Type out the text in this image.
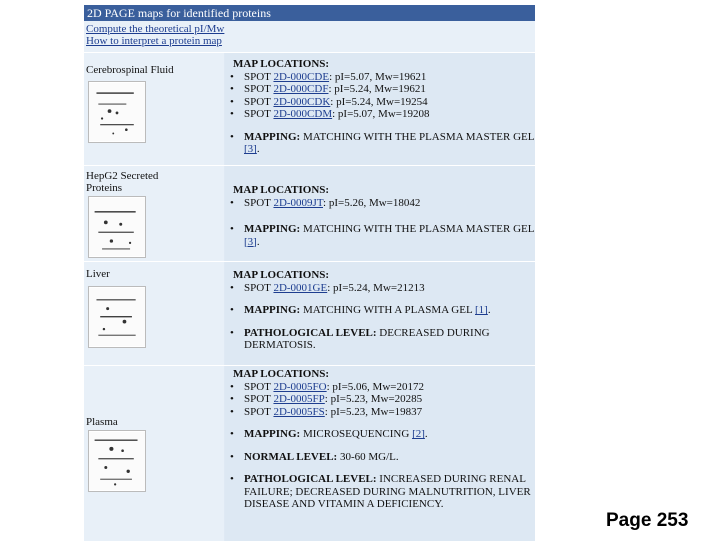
2D PAGE maps for identified proteins
Compute the theoretical pI/Mw
How to interpret a protein map
Cerebrospinal Fluid	MAP LOCATIONS:
• SPOT 2D-000CDE: pI=5.07, Mw=19621
• SPOT 2D-000CDF: pI=5.24, Mw=19621
• SPOT 2D-000CDK: pI=5.24, Mw=19254
• SPOT 2D-000CDM: pI=5.07, Mw=19208
• MAPPING: MATCHING WITH THE PLASMA MASTER GEL [3].
HepG2 Secreted Proteins	MAP LOCATIONS:
• SPOT 2D-0009JT: pI=5.26, Mw=18042
• MAPPING: MATCHING WITH THE PLASMA MASTER GEL [3].
Liver	MAP LOCATIONS:
• SPOT 2D-0001GE: pI=5.24, Mw=21213
• MAPPING: MATCHING WITH A PLASMA GEL [1].
• PATHOLOGICAL LEVEL: DECREASED DURING DERMATOSIS.
Plasma
MAP LOCATIONS:
• SPOT 2D-0005FO: pI=5.06, Mw=20172
• SPOT 2D-0005FP: pI=5.23, Mw=20285
• SPOT 2D-0005FS: pI=5.23, Mw=19837
• MAPPING: MICROSEQUENCING [2].
• NORMAL LEVEL: 30-60 MG/L.
• PATHOLOGICAL LEVEL: INCREASED DURING RENAL FAILURE; DECREASED DURING MALNUTRITION, LIVER DISEASE AND VITAMIN A DEFICIENCY.
Page 253
